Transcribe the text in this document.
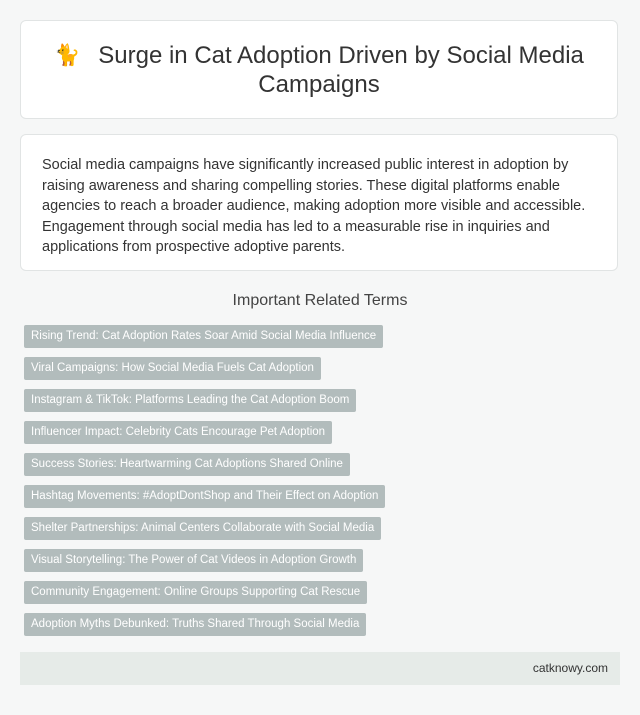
🐈 Surge in Cat Adoption Driven by Social Media Campaigns

Social media campaigns have significantly increased public interest in adoption by raising awareness and sharing compelling stories. These digital platforms enable agencies to reach a broader audience, making adoption more visible and accessible. Engagement through social media has led to a measurable rise in inquiries and applications from prospective adoptive parents.

Important Related Terms
Rising Trend: Cat Adoption Rates Soar Amid Social Media Influence
Viral Campaigns: How Social Media Fuels Cat Adoption
Instagram & TikTok: Platforms Leading the Cat Adoption Boom
Influencer Impact: Celebrity Cats Encourage Pet Adoption
Success Stories: Heartwarming Cat Adoptions Shared Online
Hashtag Movements: #AdoptDontShop and Their Effect on Adoption
Shelter Partnerships: Animal Centers Collaborate with Social Media
Visual Storytelling: The Power of Cat Videos in Adoption Growth
Community Engagement: Online Groups Supporting Cat Rescue
Adoption Myths Debunked: Truths Shared Through Social Media
catknowy.com
